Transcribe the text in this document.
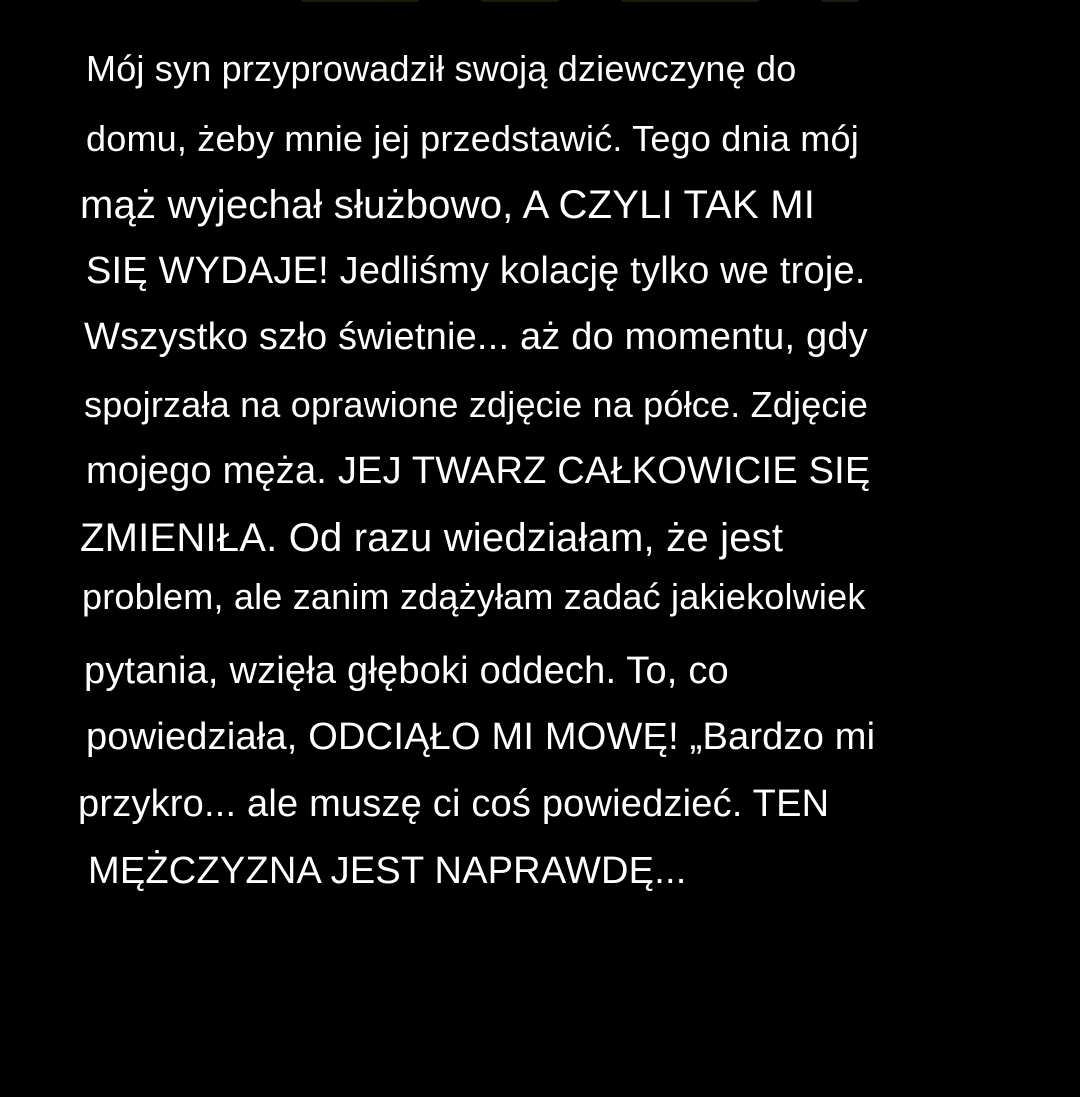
Mój syn przyprowadził swoją dziewczynę do
domu, żeby mnie jej przedstawić. Tego dnia mój
mąż wyjechał służbowo, A CZYLI TAK MI
SIĘ WYDAJE! Jedliśmy kolację tylko we troje.
Wszystko szło świetnie... aż do momentu, gdy
spojrzała na oprawione zdjęcie na półce. Zdjęcie
mojego męża. JEJ TWARZ CAŁKOWICIE SIĘ
ZMIENIŁA. Od razu wiedziałam, że jest
problem, ale zanim zdążyłam zadać jakiekolwiek
pytania, wzięła głęboki oddech. To, co
powiedziała, ODCIĄŁO MI MOWĘ! „Bardzo mi
przykro... ale muszę ci coś powiedzieć. TEN
MĘŻCZYZNA JEST NAPRAWDĘ...
